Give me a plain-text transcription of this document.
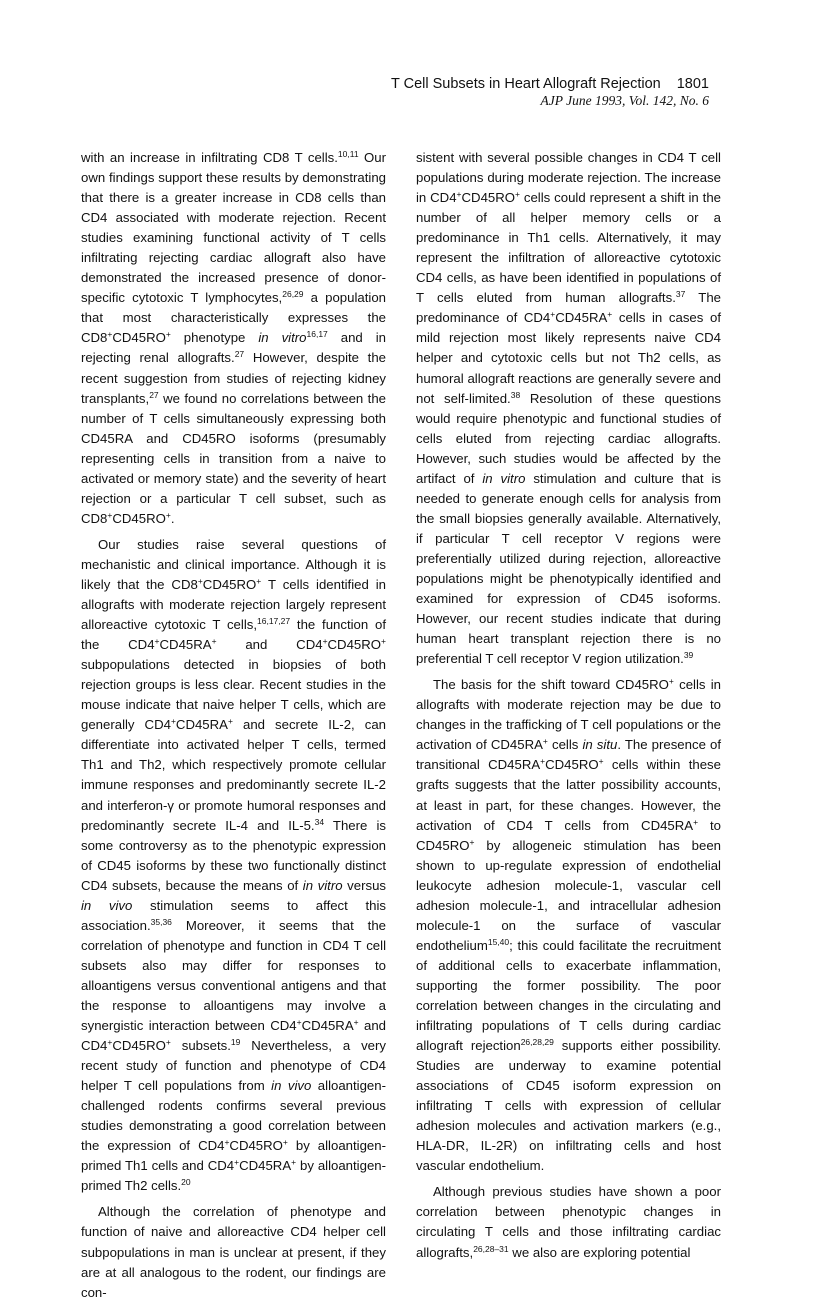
T Cell Subsets in Heart Allograft Rejection 1801
AJP June 1993, Vol. 142, No. 6

with an increase in infiltrating CD8 T cells.$^{10,11}$ Our own findings support these results by demonstrating that there is a greater increase in CD8 cells than CD4 associated with moderate rejection. Recent studies examining functional activity of T cells infiltrating rejecting cardiac allograft also have demonstrated the increased presence of donor-specific cytotoxic T lymphocytes,$^{26,29}$ a population that most characteristically expresses the CD8+CD45RO+ phenotype in vitro$^{16,17}$ and in rejecting renal allografts.$^{27}$ However, despite the recent suggestion from studies of rejecting kidney transplants,$^{27}$ we found no correlations between the number of T cells simultaneously expressing both CD45RA and CD45RO isoforms (presumably representing cells in transition from a naive to activated or memory state) and the severity of heart rejection or a particular T cell subset, such as CD8+CD45RO+.

Our studies raise several questions of mechanistic and clinical importance. Although it is likely that the CD8+CD45RO+ T cells identified in allografts with moderate rejection largely represent alloreactive cytotoxic T cells,$^{16,17,27}$ the function of the CD4+CD45RA+ and CD4+CD45RO+ subpopulations detected in biopsies of both rejection groups is less clear. Recent studies in the mouse indicate that naive helper T cells, which are generally CD4+CD45RA+ and secrete IL-2, can differentiate into activated helper T cells, termed Th1 and Th2, which respectively promote cellular immune responses and predominantly secrete IL-2 and interferon-γ or promote humoral responses and predominantly secrete IL-4 and IL-5.34 There is some controversy as to the phenotypic expression of CD45 isoforms by these two functionally distinct CD4 subsets, because the means of in vitro versus in vivo stimulation seems to affect this association.$^{35,36}$ Moreover, it seems that the correlation of phenotype and function in CD4 T cell subsets also may differ for responses to alloantigens versus conventional antigens and that the response to alloantigens may involve a synergistic interaction between CD4+CD45RA+ and CD4+CD45RO+ subsets.$^{19}$ Nevertheless, a very recent study of function and phenotype of CD4 helper T cell populations from in vivo alloantigen-challenged rodents confirms several previous studies demonstrating a good correlation between the expression of CD4+CD45RO+ by alloantigen-primed Th1 cells and CD4+CD45RA+ by alloantigen-primed Th2 cells.$^{20}$

Although the correlation of phenotype and function of naive and alloreactive CD4 helper cell subpopulations in man is unclear at present, if they are at all analogous to the rodent, our findings are con-

sistent with several possible changes in CD4 T cell populations during moderate rejection. The increase in CD4+CD45RO+ cells could represent a shift in the number of all helper memory cells or a predominance in Th1 cells. Alternatively, it may represent the infiltration of alloreactive cytotoxic CD4 cells, as have been identified in populations of T cells eluted from human allografts.$^{37}$ The predominance of CD4+CD45RA+ cells in cases of mild rejection most likely represents naive CD4 helper and cytotoxic cells but not Th2 cells, as humoral allograft reactions are generally severe and not self-limited.$^{38}$ Resolution of these questions would require phenotypic and functional studies of cells eluted from rejecting cardiac allografts. However, such studies would be affected by the artifact of in vitro stimulation and culture that is needed to generate enough cells for analysis from the small biopsies generally available. Alternatively, if particular T cell receptor V regions were preferentially utilized during rejection, alloreactive populations might be phenotypically identified and examined for expression of CD45 isoforms. However, our recent studies indicate that during human heart transplant rejection there is no preferential T cell receptor V region utilization.$^{39}$

The basis for the shift toward CD45RO+ cells in allografts with moderate rejection may be due to changes in the trafficking of T cell populations or the activation of CD45RA+ cells in situ. The presence of transitional CD45RA+CD45RO+ cells within these grafts suggests that the latter possibility accounts, at least in part, for these changes. However, the activation of CD4 T cells from CD45RA+ to CD45RO+ by allogeneic stimulation has been shown to up-regulate expression of endothelial leukocyte adhesion molecule-1, vascular cell adhesion molecule-1, and intracellular adhesion molecule-1 on the surface of vascular endothelium$^{15,40}$; this could facilitate the recruitment of additional cells to exacerbate inflammation, supporting the former possibility. The poor correlation between changes in the circulating and infiltrating populations of T cells during cardiac allograft rejection$^{26,28,29}$ supports either possibility. Studies are underway to examine potential associations of CD45 isoform expression on infiltrating T cells with expression of cellular adhesion molecules and activation markers (e.g., HLA-DR, IL-2R) on infiltrating cells and host vascular endothelium.

Although previous studies have shown a poor correlation between phenotypic changes in circulating T cells and those infiltrating cardiac allografts,$^{26,28-31}$ we also are exploring potential
